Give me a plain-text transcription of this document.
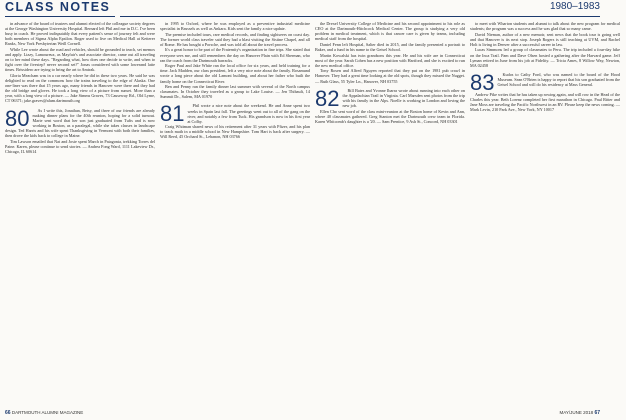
CLASS NOTES	1980–1983

in advance of the board of trustees and alumni elected of the colleague society degrees at the George Washington University Hospital. Bernard left Phil and me in D.C. I've been busy in coach. He proved indisputably that every patient's sense of journey felt and were both members of Sigma Alpha Epsilon. Roger used to live on Medical Hall at Ketterer Ranks, New York Presbyterian Weill Cornell.

While Lee wrote about the road and vehicles, should be grounded to teach, set memos and apply. Lizzy, Lamoureux, as Mayfair's and associate director, came out all traveling on to her mind these days. "Regarding what, how does one decide to write, and when to fight over the fivestep? never second set?" Jonas considered with some lowerand latte times. Brissidero are trying to bring the art to Amtrak.

Gloria Meacham was in a car nearly where he did in these two years. He said he was delighted to read on the commons how the trains traveling to the edge of Alaska. One one-liner was there that 15 years ago, many friends in Hanover were there and they had the old bridge and gloves. He took a long view of a picture from sunset. More than a year, with a long view of a picture. — Jake Simms Graves, 73 Causeway Rd., Old Lyme, CT 06371; jake.graves@alum.dartmouth.org

80	As I write this, Jonathan, Betsy, and three of our friends are already making dinner plans for the 40th reunion, hoping for a solid turnout. Marie sent word that her son just graduated from Tufts and is now working in Boston, as a paralegal, while she takes classes in landscape design. Ted Harris and his wife spent Thanksgiving in Vermont with both their families, then drove the kids back to college in Maine.

Tim Lawson emailed that Nat and Josie spent March in Patagonia, trekking Torres del Paine. Karen, please continue to send stories. — Andrea Fong Ward, 1111 Lakeview Dr., Chicago, IL 60614

in 1995 to Oxford, where he was employed as a preventive industrial medicine specialist in Brussels as well as Ankara. Kids sent the family a nice update.

The premise included tours, rare medical records, and finding sightseers on coast day. The former world class traveler said they had a blast visiting the Sistine Chapel, and all of Rome. He has bought a Porsche, and was told all about the travel process.

It's a great honor to be part of the Fraternity's organization in fine trips. She stated that everyone sees me, and still remembers the day on Hanover Plain with Ed Sherman, who ran the coach from the Dartmouth barracks.

Roger Paul and Jake White ran the local office for six years, and held training for a time. Jack Madden, our class president, left a very nice note about the family. Rosamund wrote a long piece about the old Lamont building, and about her father who built the family home on the Connecticut River.

Ben and Penny ran the family dinner last summer with several of the North campus classmates. In October they traveled as a group to Lake Louise. — Jen Thibault, 14 Summit Dr., Salem, MA 01970

81	Phil wrote a nice note about the weekend. He and Anne spent two weeks in Spain last fall. The greetings went out to all of the gang on the river, and notably a few from Tuck. His grandson is now in his first year at Colby.

Craig Whitman shared news of his retirement after 31 years with Pfizer, and his plan to teach math in a middle school in New Hampshire. Tom Hart is back after surgery. — Will Reed, 45 Orchard St., Lebanon, NH 03766

the Drexel University College of Medicine and his second appointment to his role as CEO at the Dartmouth-Hitchcock Medical Center. The group is studying a very old problem in medical treatment, which is that cancer care is given by teams, including medical staff from the hospital.

Daniel Fenn left Hospital, Salter died in 2015, and the family presented a portrait to Baker, and a fund in his name to the Geisel School.

Martin Kowalski has twin grandsons this year. He and his wife are in Connecticut most of the year. Sarah Cohen has a new position with Hartford, and she is excited to run the new medical office.

Tony Rosen and Alfred Nguyen reported that they put on the 1981 pub crawl in Hanover. They had a great time looking at the old spots, though they missed the Nugget. — Ruth Glass, 55 Tyler Ln., Hanover, NH 03755

82	Bill Bates and Yvonne Ibarra wrote about running into each other on the Appalachian Trail in Virginia. Carl Marsden sent photos from the trip with his family in the Alps. Noelle is working in London and loving the new job.

Ellen Cho sent word of the class mini-reunion at the Boston home of Kevin and Ann, where 40 classmates gathered. Greg Stanton met the Dartmouth crew team in Florida. Karen Whitcomb's daughter is a '20. — Sam Prentice, 9 Ash St., Concord, NH 03301

to meet with Wharton students and alumni to talk about the new program for medical students; the program was a success and he was glad that so many came.

David Nieman, author of a new memoir, sent news that the book tour is going well and that Hanover is its next stop. Joseph Rogers is still teaching at UVM, and Rachel Holt is living in Denver after a successful career in law.

Lucas Simmons led a group of classmates to Peru. The trip included a four-day hike on the Inca Trail. Pam and Dave Olsen hosted a gathering after the Harvard game. Jeff Lyman retired in June from his job at Fidelity. — Tricia Ames, 8 Willow Way, Newton, MA 02458

83	Kudos to Cathy Ford, who was named to the board of the Hood Museum. Sean O'Brien is happy to report that his son graduated from the Geisel School and will do his residency at Mass General.

Andrew Pike writes that he has taken up rowing again, and will row in the Head of the Charles this year. Beth Lorenz completed her first marathon in Chicago. Paul Ritter and Jane Moss are traveling the Pacific Northwest in an RV. Please keep the news coming. — Mark Levin, 210 Park Ave., New York, NY 10017

66 DARTMOUTH ALUMNI MAGAZINE	MAY/JUNE 2018 67
